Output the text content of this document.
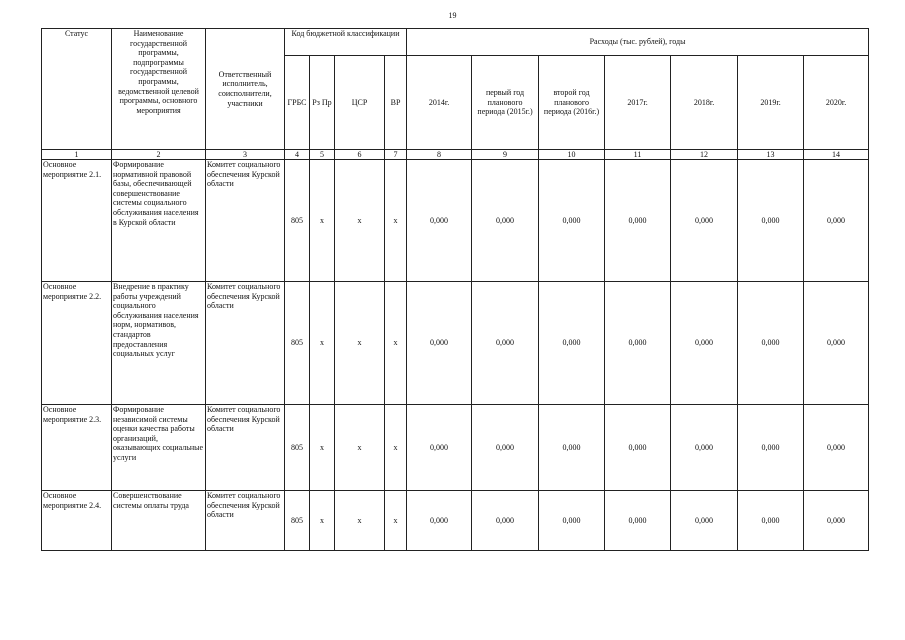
19
Статус	Наименование государственной программы, подпрограммы государственной программы, ведомственной целевой программы, основного мероприятия	Ответственный исполнитель, соисполнители, участники	Код бюджетной классификации				Расходы (тыс. рублей), годы						
			ГРБС	Рз Пр	ЦСР	ВР	2014г.	первый год планового периода (2015г.)	второй год планового периода (2016г.)	2017г.	2018г.	2019г.	2020г.
1	2	3	4	5	6	7	8	9	10	11	12	13	14
Основное мероприятие 2.1.	Формирование нормативной правовой базы, обеспечивающей совершенствование системы социального обслуживания населения в Курской области	Комитет социального обеспечения Курской области	805	х	х	х	0,000	0,000	0,000	0,000	0,000	0,000	0,000
Основное мероприятие 2.2.	Внедрение в практику работы учреждений социального обслуживания населения норм, нормативов, стандартов предоставления социальных услуг	Комитет социального обеспечения Курской области	805	х	х	х	0,000	0,000	0,000	0,000	0,000	0,000	0,000
Основное мероприятие 2.3.	Формирование независимой системы оценки качества работы организаций, оказывающих социальные услуги	Комитет социального обеспечения Курской области	805	х	х	х	0,000	0,000	0,000	0,000	0,000	0,000	0,000
Основное мероприятие 2.4.	Совершенствование системы оплаты труда	Комитет социального обеспечения Курской области	805	х	х	х	0,000	0,000	0,000	0,000	0,000	0,000	0,000
